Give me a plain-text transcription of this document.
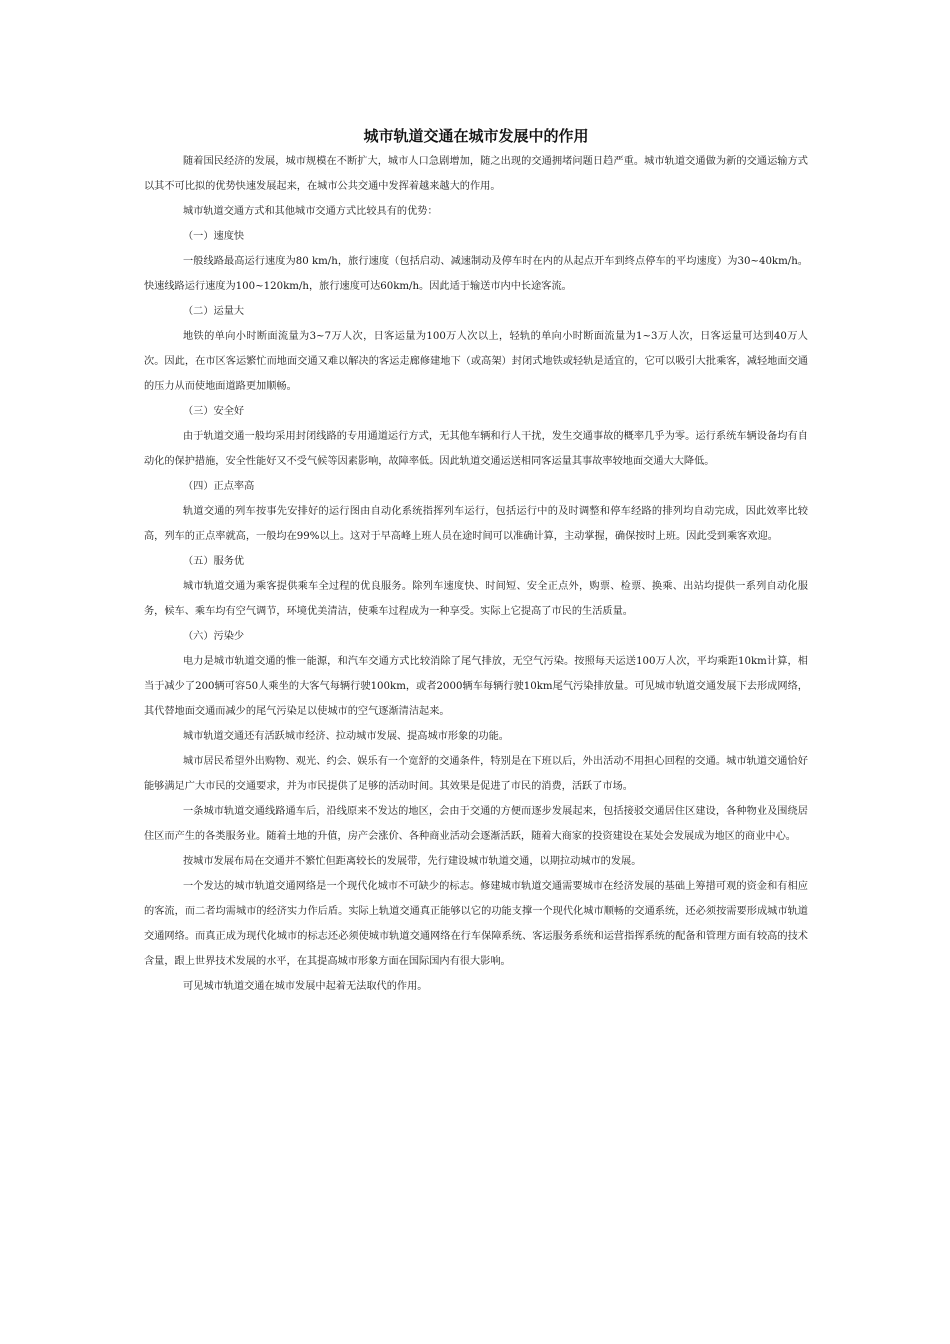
城市轨道交通在城市发展中的作用

随着国民经济的发展，城市规模在不断扩大，城市人口急剧增加，随之出现的交通拥堵问题日趋严重。城市轨道交通做为新的交通运输方式以其不可比拟的优势快速发展起来，在城市公共交通中发挥着越来越大的作用。

城市轨道交通方式和其他城市交通方式比较具有的优势：

（一）速度快

一般线路最高运行速度为80 km/h，旅行速度（包括启动、减速制动及停车时在内的从起点开车到终点停车的平均速度）为30~40km/h。快速线路运行速度为100~120km/h，旅行速度可达60km/h。因此适于输送市内中长途客流。

（二）运量大

地铁的单向小时断面流量为3~7万人次，日客运量为100万人次以上，轻轨的单向小时断面流量为1~3万人次，日客运量可达到40万人次。因此，在市区客运繁忙而地面交通又难以解决的客运走廊修建地下（或高架）封闭式地铁或轻轨是适宜的，它可以吸引大批乘客，减轻地面交通的压力从而使地面道路更加顺畅。

（三）安全好

由于轨道交通一般均采用封闭线路的专用通道运行方式，无其他车辆和行人干扰，发生交通事故的概率几乎为零。运行系统车辆设备均有自动化的保护措施，安全性能好又不受气候等因素影响，故障率低。因此轨道交通运送相同客运量其事故率较地面交通大大降低。

（四）正点率高

轨道交通的列车按事先安排好的运行图由自动化系统指挥列车运行，包括运行中的及时调整和停车经路的排列均自动完成，因此效率比较高，列车的正点率就高，一般均在99%以上。这对于早高峰上班人员在途时间可以准确计算，主动掌握，确保按时上班。因此受到乘客欢迎。

（五）服务优

城市轨道交通为乘客提供乘车全过程的优良服务。除列车速度快、时间短、安全正点外，购票、检票、换乘、出站均提供一系列自动化服务，候车、乘车均有空气调节，环境优美清洁，使乘车过程成为一种享受。实际上它提高了市民的生活质量。

（六）污染少

电力是城市轨道交通的惟一能源，和汽车交通方式比较消除了尾气排放，无空气污染。按照每天运送100万人次，平均乘距10km计算，相当于减少了200辆可容50人乘坐的大客气每辆行驶100km，或者2000辆车每辆行驶10km尾气污染排放量。可见城市轨道交通发展下去形成网络，其代替地面交通而减少的尾气污染足以使城市的空气逐渐清洁起来。

城市轨道交通还有活跃城市经济、拉动城市发展、提高城市形象的功能。

城市居民希望外出购物、观光、约会、娱乐有一个宽舒的交通条件，特别是在下班以后，外出活动不用担心回程的交通。城市轨道交通恰好能够满足广大市民的交通要求，并为市民提供了足够的活动时间。其效果是促进了市民的消费，活跃了市场。

一条城市轨道交通线路通车后，沿线原来不发达的地区，会由于交通的方便而逐步发展起来，包括接驳交通居住区建设，各种物业及围绕居住区而产生的各类服务业。随着土地的升值，房产会涨价、各种商业活动会逐渐活跃，随着大商家的投资建设在某处会发展成为地区的商业中心。

按城市发展布局在交通并不繁忙但距离较长的发展带，先行建设城市轨道交通，以期拉动城市的发展。

一个发达的城市轨道交通网络是一个现代化城市不可缺少的标志。修建城市轨道交通需要城市在经济发展的基础上筹措可观的资金和有相应的客流，而二者均需城市的经济实力作后盾。实际上轨道交通真正能够以它的功能支撑一个现代化城市顺畅的交通系统，还必须按需要形成城市轨道交通网络。而真正成为现代化城市的标志还必须使城市轨道交通网络在行车保障系统、客运服务系统和运营指挥系统的配备和管理方面有较高的技术含量，跟上世界技术发展的水平，在其提高城市形象方面在国际国内有很大影响。

可见城市轨道交通在城市发展中起着无法取代的作用。
